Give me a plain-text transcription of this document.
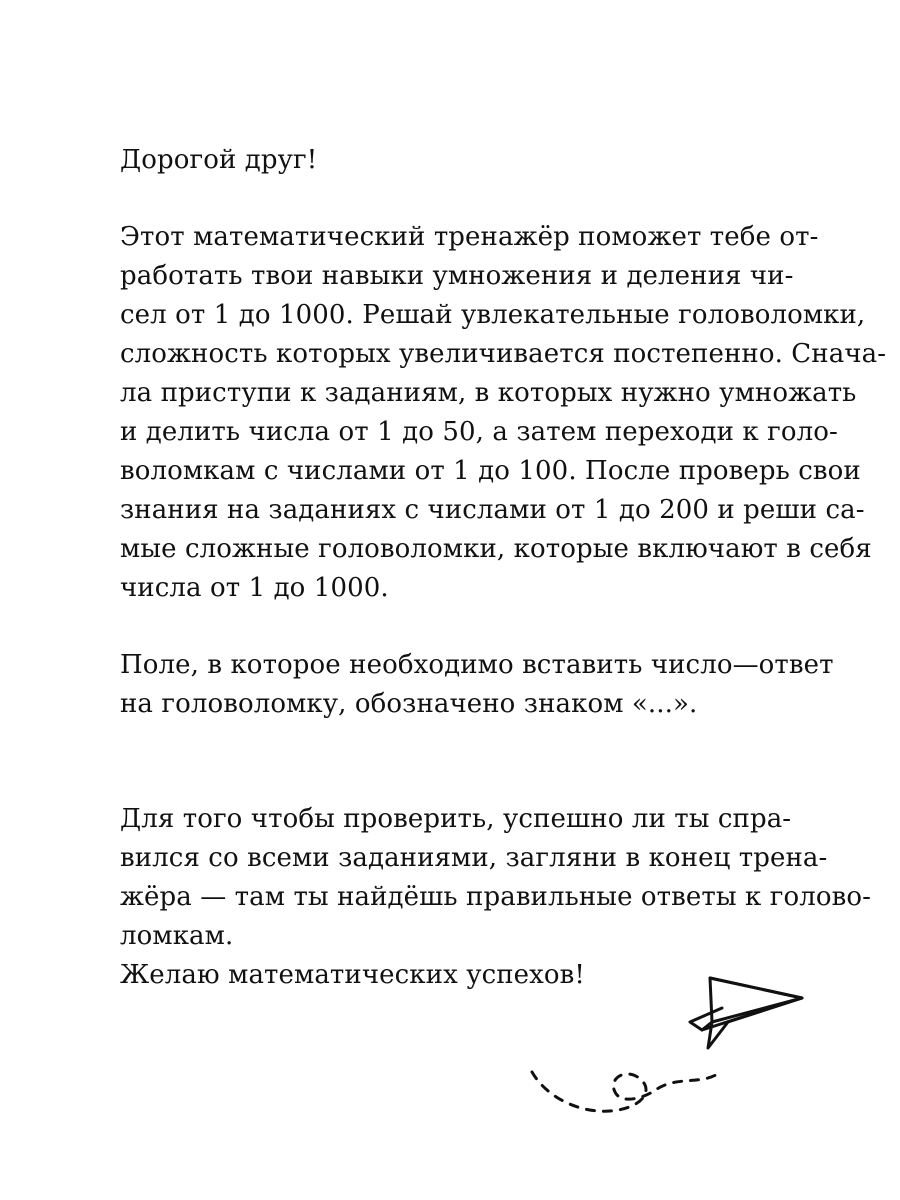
Дорогой друг!
Этот математический тренажёр поможет тебе от-
работать твои навыки умножения и деления чи-
сел от 1 до 1000. Решай увлекательные головоломки,
сложность которых увеличивается постепенно. Снача-
ла приступи к заданиям, в которых нужно умножать
и делить числа от 1 до 50, а затем переходи к голо-
воломкам с числами от 1 до 100. После проверь свои
знания на заданиях с числами от 1 до 200 и реши са-
мые сложные головоломки, которые включают в себя
числа от 1 до 1000.
Поле, в которое необходимо вставить число—ответ
на головоломку, обозначено знаком «...».
Для того чтобы проверить, успешно ли ты спра-
вился со всеми заданиями, загляни в конец трена-
жёра — там ты найдёшь правильные ответы к голово-
ломкам.
Желаю математических успехов!
